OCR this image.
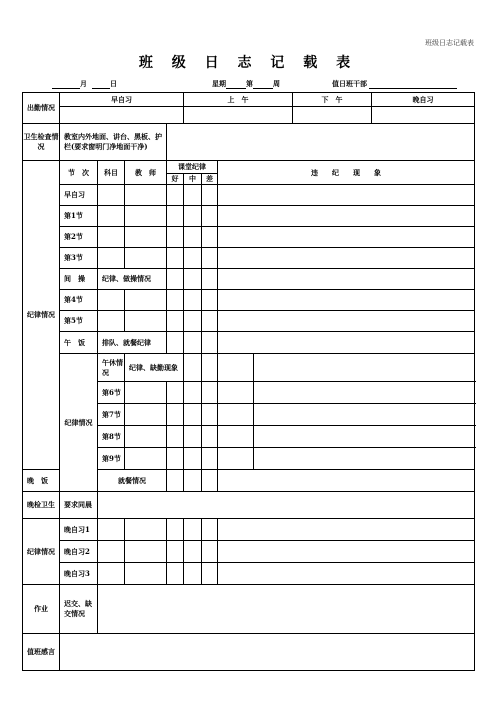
班级日志记载表
班 级 日 志 记 载 表
月	日	星期	第	周	值日班干部
出勤情况	早自习				上　午				下　午	晚自习

卫生检查情况	教室内外地面、讲台、黑板、护栏(要求窗明门净地面干净)									
纪律情况	节　次	科目	教　师	课堂纪律			违　　纪　　现　　象			
				好	中	差				
	早自习									
	第1节									
	第2节									
	第3节									
	间　操	纪律、做操情况								
	第4节									
	第5节									
	午　饭	排队、就餐纪律								
	纪律情况	午休情况	纪律、缺勤现象							
		第6节								
		第7节								
		第8节								
		第9节								
晚　饭		就餐情况								
晚检卫生	要求同晨									
纪律情况	晚自习1									
	晚自习2									
	晚自习3									
作业	迟交、缺交情况									
值班感言										
